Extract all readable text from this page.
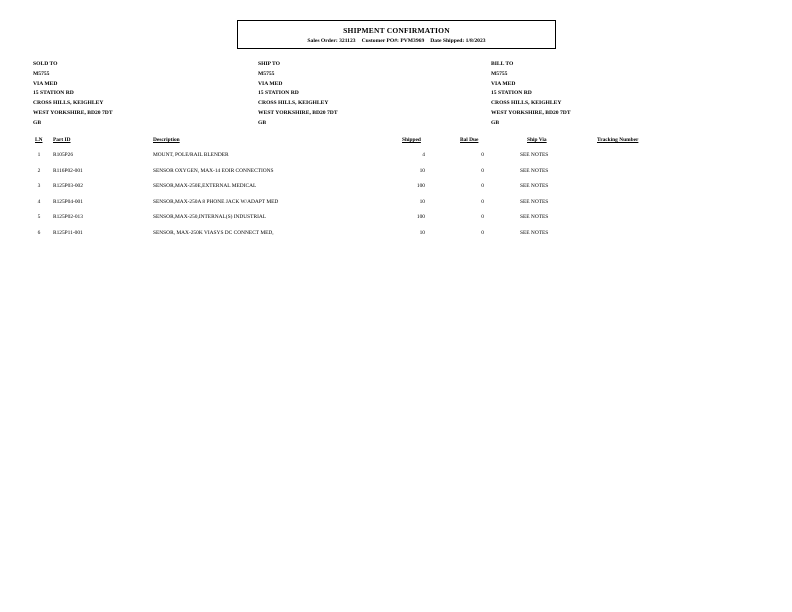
SHIPMENT CONFIRMATION
Sales Order: 321123 Customer PO#: PVM3969 Date Shipped: 1/8/2023
SOLD TO
M5755
VIA MED
15 STATION RD
CROSS HILLS, KEIGHLEY
WEST YORKSHIRE, BD20 7DT
GB
SHIP TO
M5755
VIA MED
15 STATION RD
CROSS HILLS, KEIGHLEY
WEST YORKSHIRE, BD20 7DT
GB
BILL TO
M5755
VIA MED
15 STATION RD
CROSS HILLS, KEIGHLEY
WEST YORKSHIRE, BD20 7DT
GB
LN Part ID	Description	Shipped	Bal Due	Ship Via	Tracking Number
1	R105P26	MOUNT, POLE/RAIL BLENDER	4	0	SEE NOTES
2	R116P02-001	SENSOR OXYGEN, MAX-14 EOIR CONNECTIONS	10	0	SEE NOTES
3	R125P03-002	SENSOR,MAX-250E,EXTERNAL MEDICAL	100	0	SEE NOTES
4	R125P04-001	SENSOR,MAX-250A 8 PHONE JACK W/ADAPT MED	10	0	SEE NOTES
5	R125P02-013	SENSOR,MAX-250,INTERNAL(S) INDUSTRIAL	100	0	SEE NOTES
6	R125P11-001	SENSOR, MAX-250K VIASYS DC CONNECT MED,	10	0	SEE NOTES
